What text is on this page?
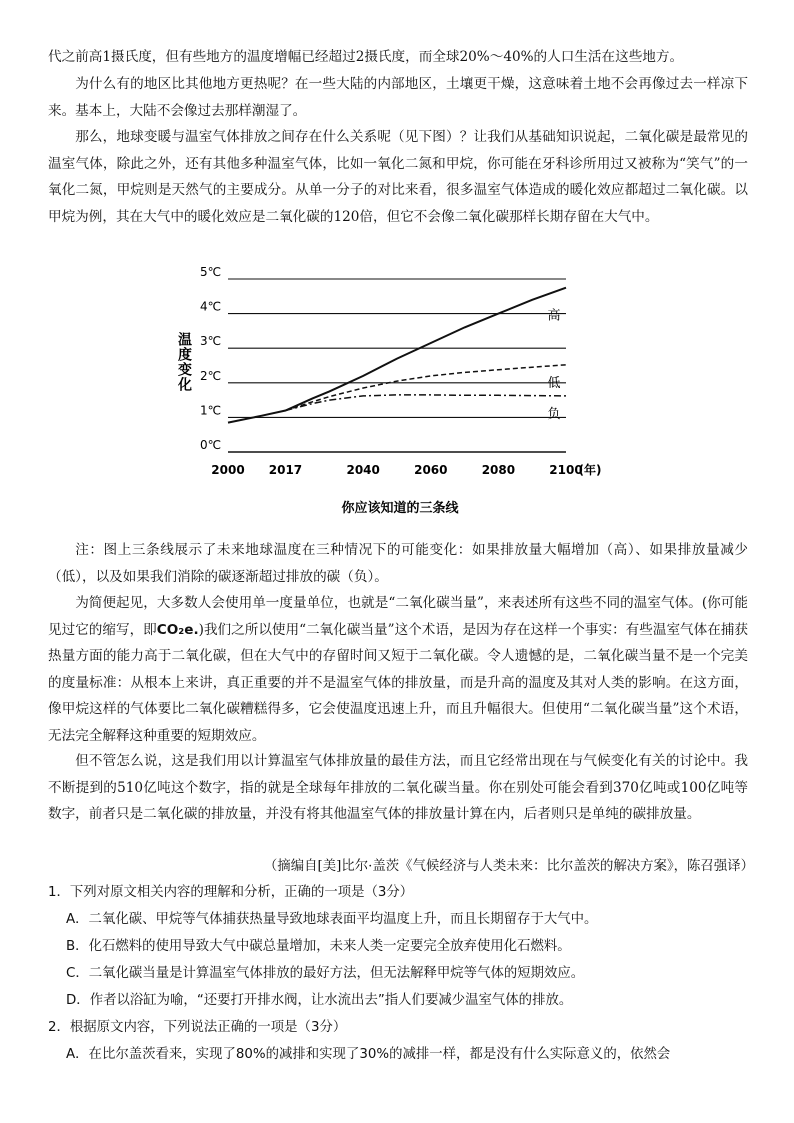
代之前高1摄氏度，但有些地方的温度增幅已经超过2摄氏度，而全球20%～40%的人口生活在这些地方。

为什么有的地区比其他地方更热呢？在一些大陆的内部地区，土壤更干燥，这意味着土地不会再像过去一样凉下来。基本上，大陆不会像过去那样潮湿了。

那么，地球变暖与温室气体排放之间存在什么关系呢（见下图）？让我们从基础知识说起，二氧化碳是最常见的温室气体，除此之外，还有其他多种温室气体，比如一氧化二氮和甲烷，你可能在牙科诊所用过又被称为“笑气”的一氧化二氮，甲烷则是天然气的主要成分。从单一分子的对比来看，很多温室气体造成的暖化效应都超过二氧化碳。以甲烷为例，其在大气中的暖化效应是二氧化碳的120倍，但它不会像二氧化碳那样长期存留在大气中。

0℃
1℃
2℃
3℃
4℃
5℃
2000 2017	2040	2060	2080	2100
(年)
高
低
负
温度变化
你应该知道的三条线

注：图上三条线展示了未来地球温度在三种情况下的可能变化：如果排放量大幅增加（高）、如果排放量减少（低），以及如果我们消除的碳逐渐超过排放的碳（负）。

为简便起见，大多数人会使用单一度量单位，也就是“二氧化碳当量”，来表述所有这些不同的温室气体。(你可能见过它的缩写，即CO₂e.)我们之所以使用“二氧化碳当量”这个术语，是因为存在这样一个事实：有些温室气体在捕获热量方面的能力高于二氧化碳，但在大气中的存留时间又短于二氧化碳。令人遗憾的是，二氧化碳当量不是一个完美的度量标准：从根本上来讲，真正重要的并不是温室气体的排放量，而是升高的温度及其对人类的影响。在这方面，像甲烷这样的气体要比二氧化碳糟糕得多，它会使温度迅速上升，而且升幅很大。但使用“二氧化碳当量”这个术语，无法完全解释这种重要的短期效应。

但不管怎么说，这是我们用以计算温室气体排放量的最佳方法，而且它经常出现在与气候变化有关的讨论中。我不断提到的510亿吨这个数字，指的就是全球每年排放的二氧化碳当量。你在别处可能会看到370亿吨或100亿吨等数字，前者只是二氧化碳的排放量，并没有将其他温室气体的排放量计算在内，后者则只是单纯的碳排放量。

（摘编自[美]比尔·盖茨《气候经济与人类未来：比尔盖茨的解决方案》，陈召强译）

1．下列对原文相关内容的理解和分析，正确的一项是（3分）

A．二氧化碳、甲烷等气体捕获热量导致地球表面平均温度上升，而且长期留存于大气中。

B．化石燃料的使用导致大气中碳总量增加，未来人类一定要完全放弃使用化石燃料。

C．二氧化碳当量是计算温室气体排放的最好方法，但无法解释甲烷等气体的短期效应。

D．作者以浴缸为喻，“还要打开排水阀，让水流出去”指人们要减少温室气体的排放。

2．根据原文内容，下列说法正确的一项是（3分）

A．在比尔盖茨看来，实现了80%的减排和实现了30%的减排一样，都是没有什么实际意义的，依然会
